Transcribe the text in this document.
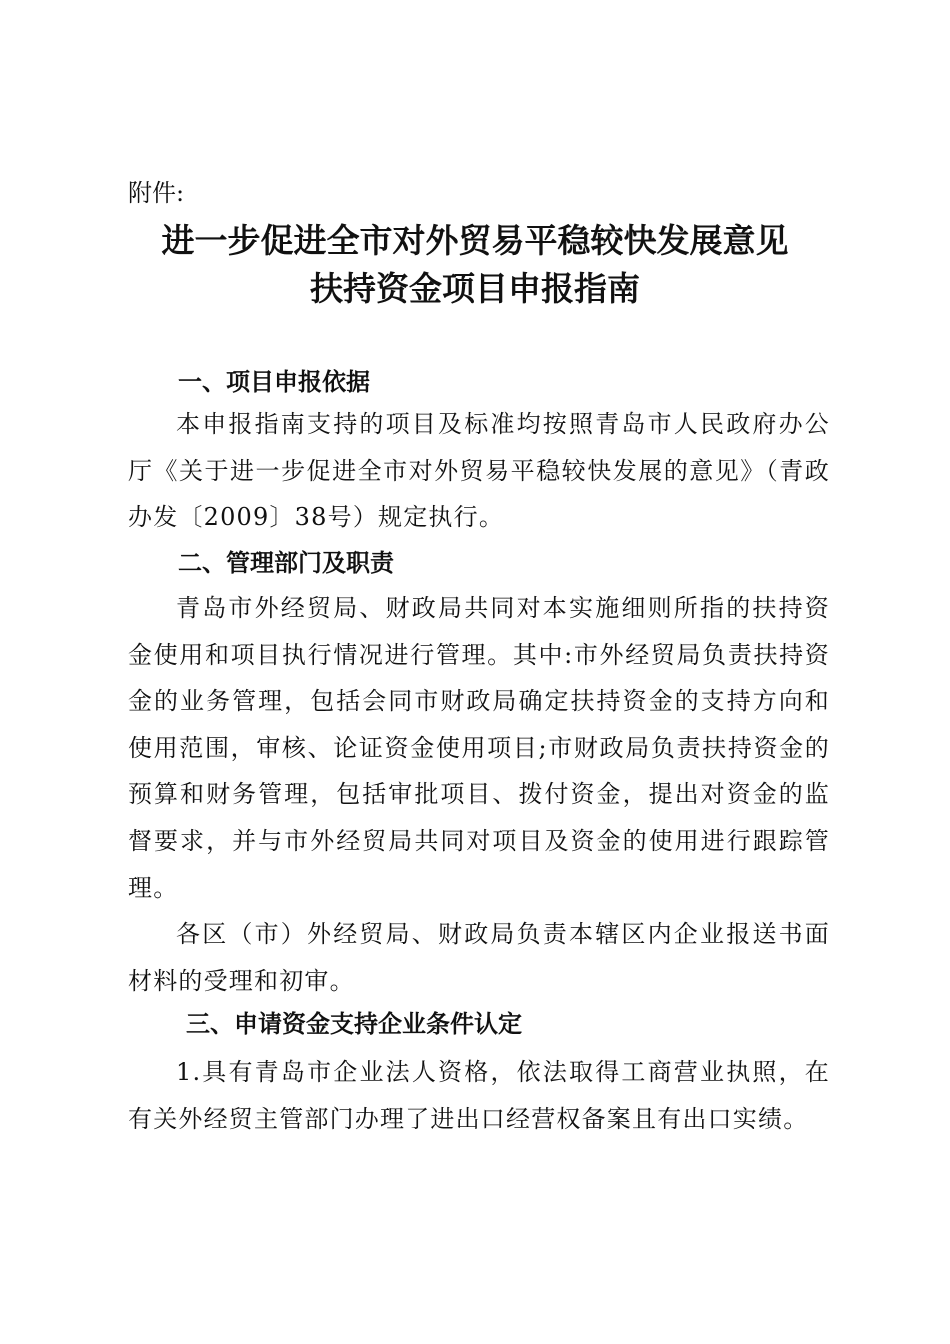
附件:

进一步促进全市对外贸易平稳较快发展意见
扶持资金项目申报指南
一、项目申报依据

本申报指南支持的项目及标准均按照青岛市人民政府办公厅《关于进一步促进全市对外贸易平稳较快发展的意见》（青政办发〔2009〕38号）规定执行。

二、管理部门及职责

青岛市外经贸局、财政局共同对本实施细则所指的扶持资金使用和项目执行情况进行管理。其中:市外经贸局负责扶持资金的业务管理，包括会同市财政局确定扶持资金的支持方向和使用范围，审核、论证资金使用项目;市财政局负责扶持资金的预算和财务管理，包括审批项目、拨付资金，提出对资金的监督要求，并与市外经贸局共同对项目及资金的使用进行跟踪管理。

各区（市）外经贸局、财政局负责本辖区内企业报送书面材料的受理和初审。

三、申请资金支持企业条件认定

1.具有青岛市企业法人资格，依法取得工商营业执照，在有关外经贸主管部门办理了进出口经营权备案且有出口实绩。
